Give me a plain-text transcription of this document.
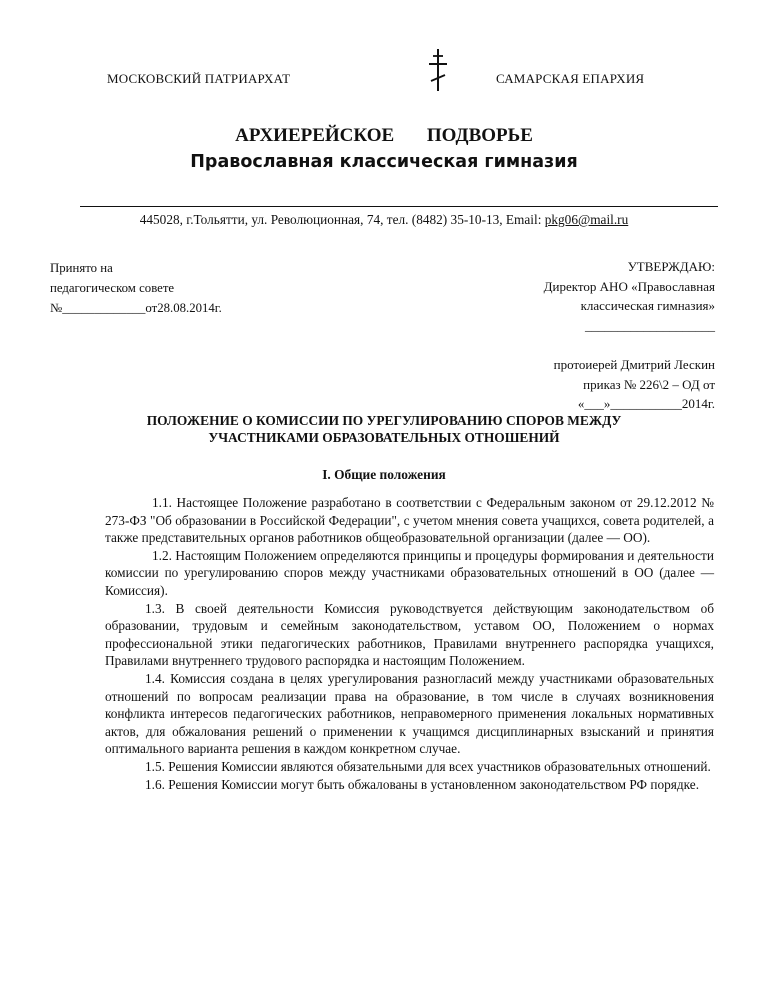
МОСКОВСКИЙ ПАТРИАРХАТ	САМАРСКАЯ ЕПАРХИЯ
АРХИЕРЕЙСКОЕ ПОДВОРЬЕ
Православная классическая гимназия
445028, г.Тольятти, ул. Революционная, 74, тел. (8482) 35-10-13, Email: pkg06@mail.ru
Принято на
педагогическом совете
№_____________от28.08.2014г.
УТВЕРЖДАЮ:
Директор АНО «Православная
классическая гимназия»
____________________
протоиерей Дмитрий Лескин
приказ № 226\2 – ОД от
«___»___________2014г.
ПОЛОЖЕНИЕ О КОМИССИИ ПО УРЕГУЛИРОВАНИЮ СПОРОВ МЕЖДУ
УЧАСТНИКАМИ ОБРАЗОВАТЕЛЬНЫХ ОТНОШЕНИЙ
I. Общие положения

1.1. Настоящее Положение разработано в соответствии с Федеральным законом от 29.12.2012 № 273-ФЗ "Об образовании в Российской Федерации", с учетом мнения совета учащихся, совета родителей, а также представительных органов работников общеобразовательной организации (далее — ОО).

1.2. Настоящим Положением определяются принципы и процедуры формирования и деятельности комиссии по урегулированию споров между участниками образовательных отношений в ОО (далее — Комиссия).

1.3. В своей деятельности Комиссия руководствуется действующим законодательством об образовании, трудовым и семейным законодательством, уставом ОО, Положением о нормах профессиональной этики педагогических работников, Правилами внутреннего распорядка учащихся, Правилами внутреннего трудового распорядка и настоящим Положением.

1.4. Комиссия создана в целях урегулирования разногласий между участниками образовательных отношений по вопросам реализации права на образование, в том числе в случаях возникновения конфликта интересов педагогических работников, неправомерного применения локальных нормативных актов, для обжалования решений о применении к учащимся дисциплинарных взысканий и принятия оптимального варианта решения в каждом конкретном случае.

1.5. Решения Комиссии являются обязательными для всех участников образовательных отношений.

1.6. Решения Комиссии могут быть обжалованы в установленном законодательством РФ порядке.
